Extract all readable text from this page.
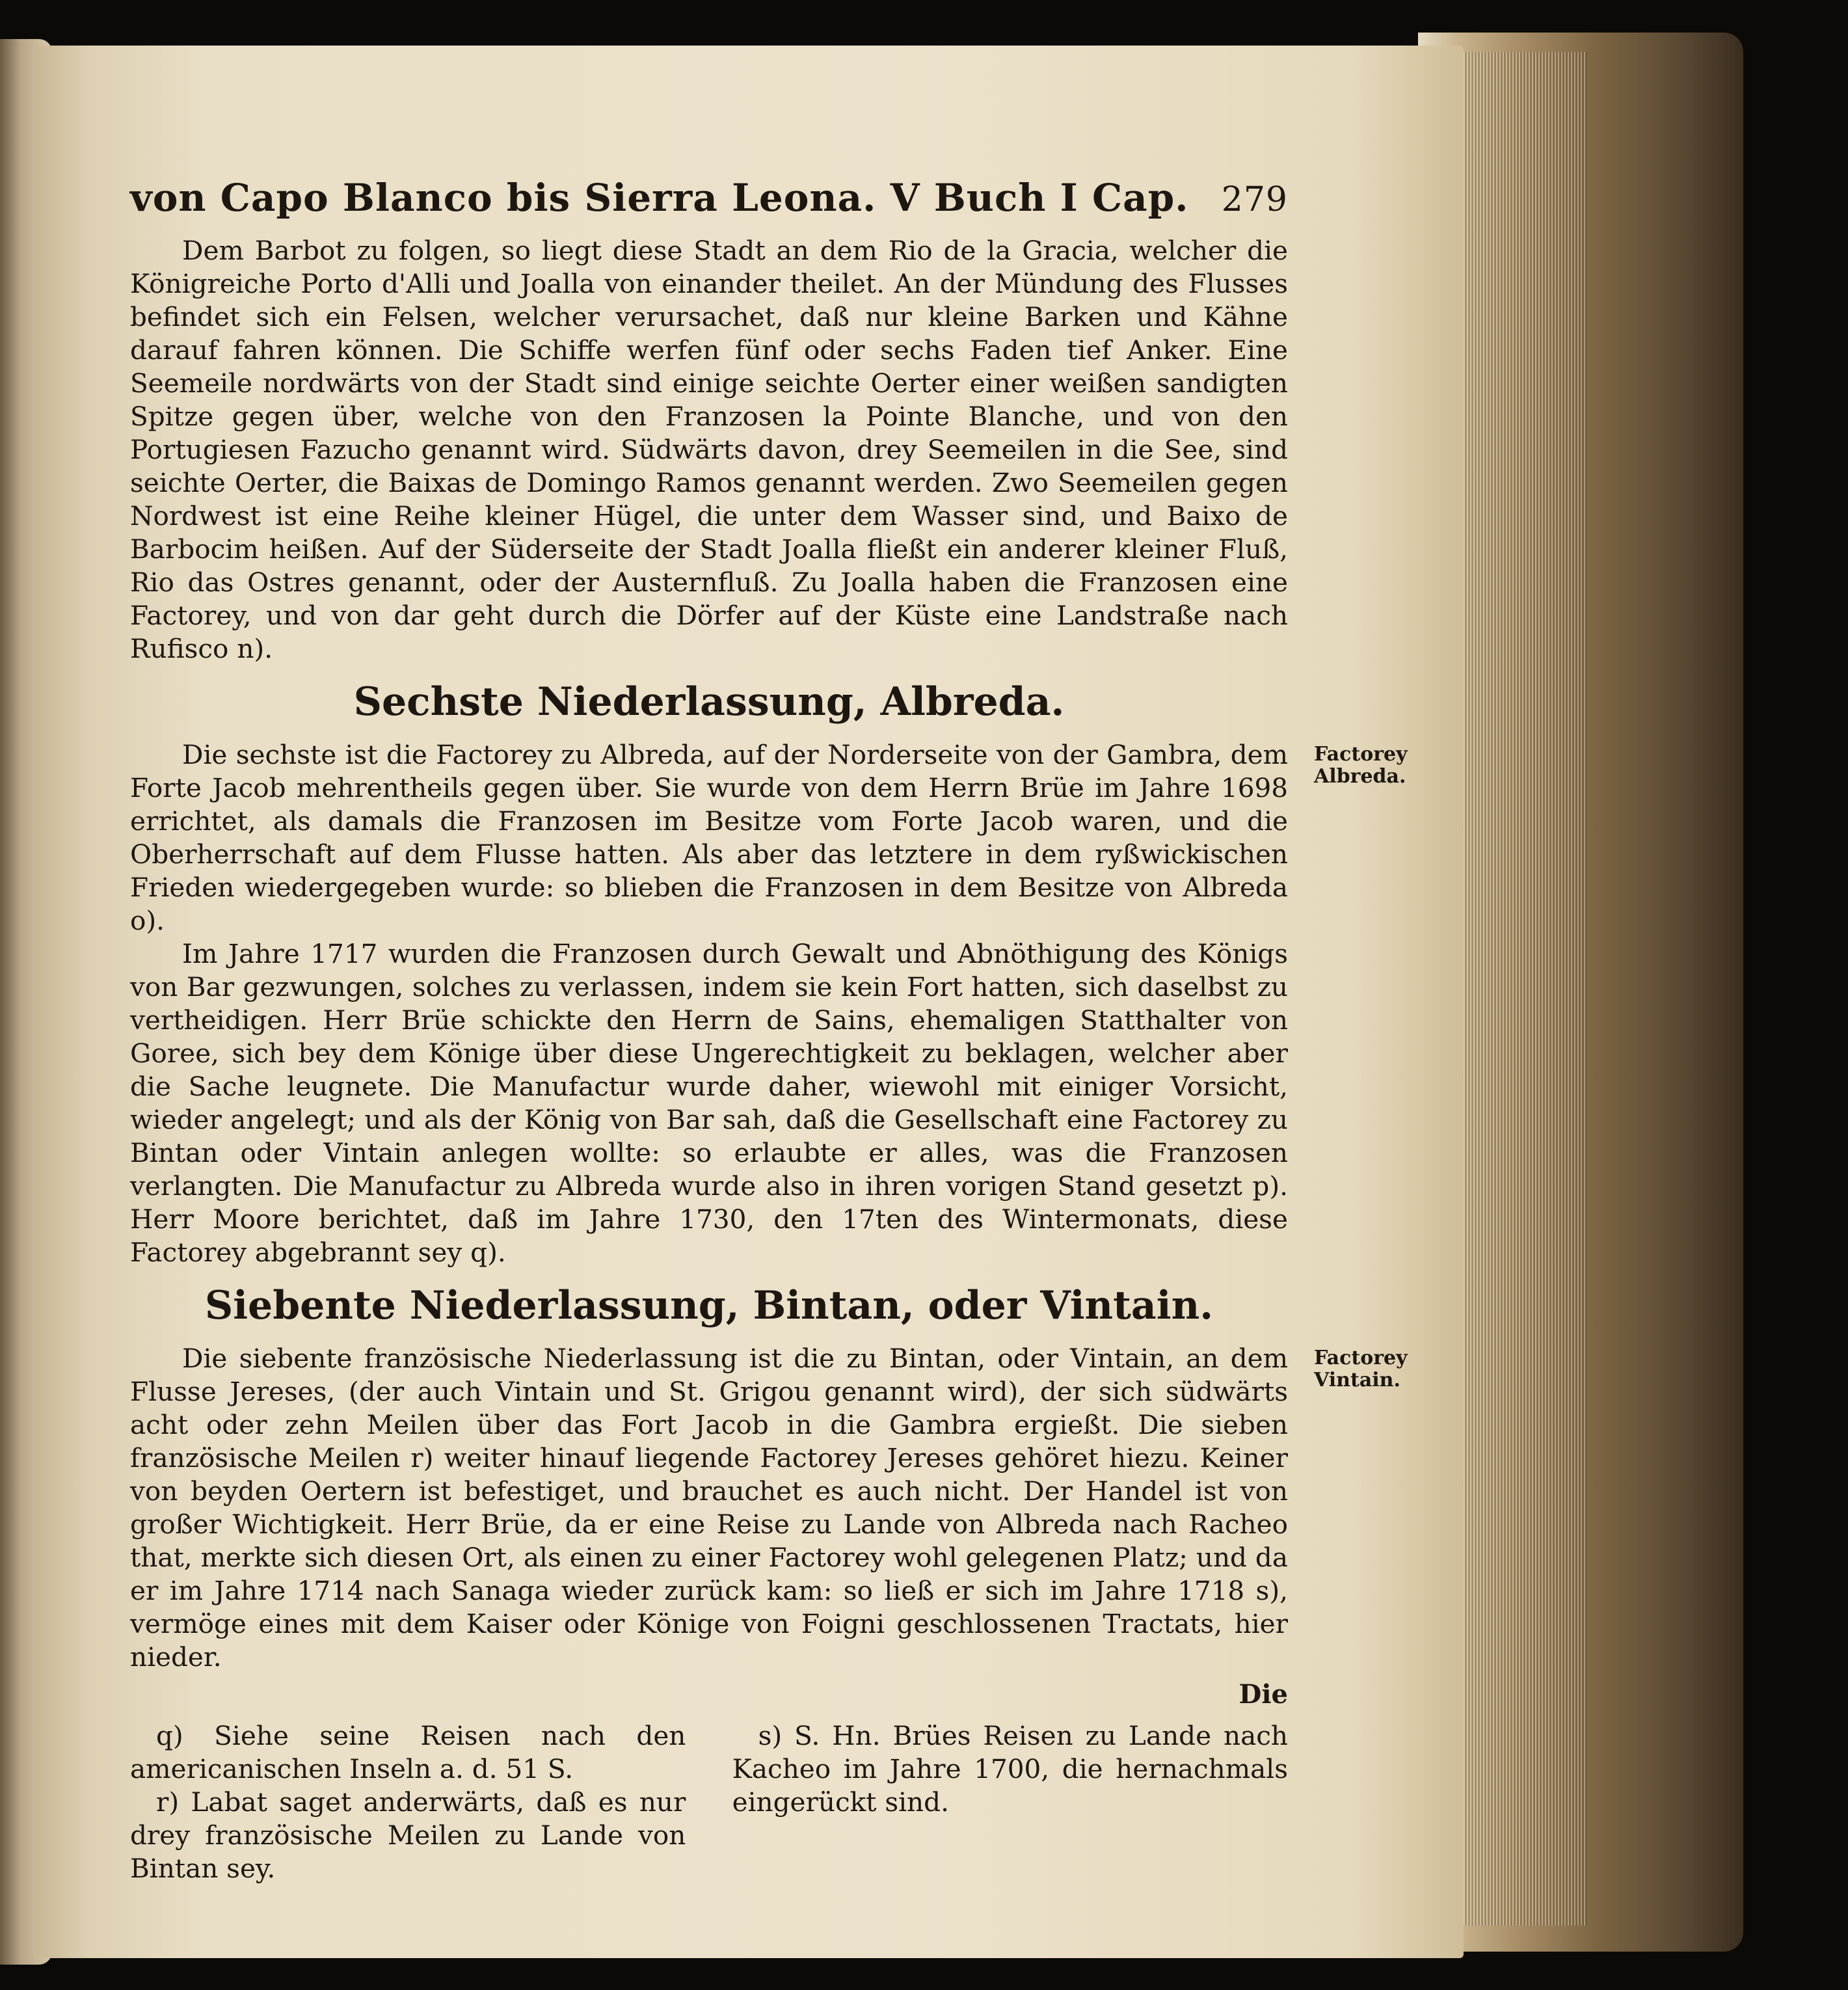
von Capo Blanco bis Sierra Leona. V Buch I Cap. 279

Dem Barbot zu folgen, so liegt diese Stadt an dem Rio de la Gracia, welcher die Königreiche Porto d'Alli und Joalla von einander theilet. An der Mündung des Flusses befindet sich ein Felsen, welcher verursachet, daß nur kleine Barken und Kähne darauf fahren können. Die Schiffe werfen fünf oder sechs Faden tief Anker. Eine Seemeile nordwärts von der Stadt sind einige seichte Oerter einer weißen sandigten Spitze gegen über, welche von den Franzosen la Pointe Blanche, und von den Portugiesen Fazucho genannt wird. Südwärts davon, drey Seemeilen in die See, sind seichte Oerter, die Baixas de Domingo Ramos genannt werden. Zwo Seemeilen gegen Nordwest ist eine Reihe kleiner Hügel, die unter dem Wasser sind, und Baixo de Barbocim heißen. Auf der Süderseite der Stadt Joalla fließt ein anderer kleiner Fluß, Rio das Ostres genannt, oder der Austernfluß. Zu Joalla haben die Franzosen eine Factorey, und von dar geht durch die Dörfer auf der Küste eine Landstraße nach Rufisco n).

Sechste Niederlassung, Albreda.

Die sechste ist die Factorey zu Albreda, auf der Norderseite von der Gambra, dem Forte Jacob mehrentheils gegen über. Sie wurde von dem Herrn Brüe im Jahre 1698 errichtet, als damals die Franzosen im Besitze vom Forte Jacob waren, und die Oberherrschaft auf dem Flusse hatten. Als aber das letztere in dem ryßwickischen Frieden wiedergegeben wurde: so blieben die Franzosen in dem Besitze von Albreda o).

Factorey Albreda.

Im Jahre 1717 wurden die Franzosen durch Gewalt und Abnöthigung des Königs von Bar gezwungen, solches zu verlassen, indem sie kein Fort hatten, sich daselbst zu vertheidigen. Herr Brüe schickte den Herrn de Sains, ehemaligen Statthalter von Goree, sich bey dem Könige über diese Ungerechtigkeit zu beklagen, welcher aber die Sache leugnete. Die Manufactur wurde daher, wiewohl mit einiger Vorsicht, wieder angelegt; und als der König von Bar sah, daß die Gesellschaft eine Factorey zu Bintan oder Vintain anlegen wollte: so erlaubte er alles, was die Franzosen verlangten. Die Manufactur zu Albreda wurde also in ihren vorigen Stand gesetzt p). Herr Moore berichtet, daß im Jahre 1730, den 17ten des Wintermonats, diese Factorey abgebrannt sey q).

Siebente Niederlassung, Bintan, oder Vintain.

Die siebente französische Niederlassung ist die zu Bintan, oder Vintain, an dem Flusse Jereses, (der auch Vintain und St. Grigou genannt wird), der sich südwärts acht oder zehn Meilen über das Fort Jacob in die Gambra ergießt. Die sieben französische Meilen r) weiter hinauf liegende Factorey Jereses gehöret hiezu. Keiner von beyden Oertern ist befestiget, und brauchet es auch nicht. Der Handel ist von großer Wichtigkeit. Herr Brüe, da er eine Reise zu Lande von Albreda nach Racheo that, merkte sich diesen Ort, als einen zu einer Factorey wohl gelegenen Platz; und da er im Jahre 1714 nach Sanaga wieder zurück kam: so ließ er sich im Jahre 1718 s), vermöge eines mit dem Kaiser oder Könige von Foigni geschlossenen Tractats, hier nieder.

Factorey Vintain.
Die

q) Siehe seine Reisen nach den americanischen Inseln a. d. 51 S.

r) Labat saget anderwärts, daß es nur drey französische Meilen zu Lande von Bintan sey.

s) S. Hn. Brües Reisen zu Lande nach Kacheo im Jahre 1700, die hernachmals eingerückt sind.
